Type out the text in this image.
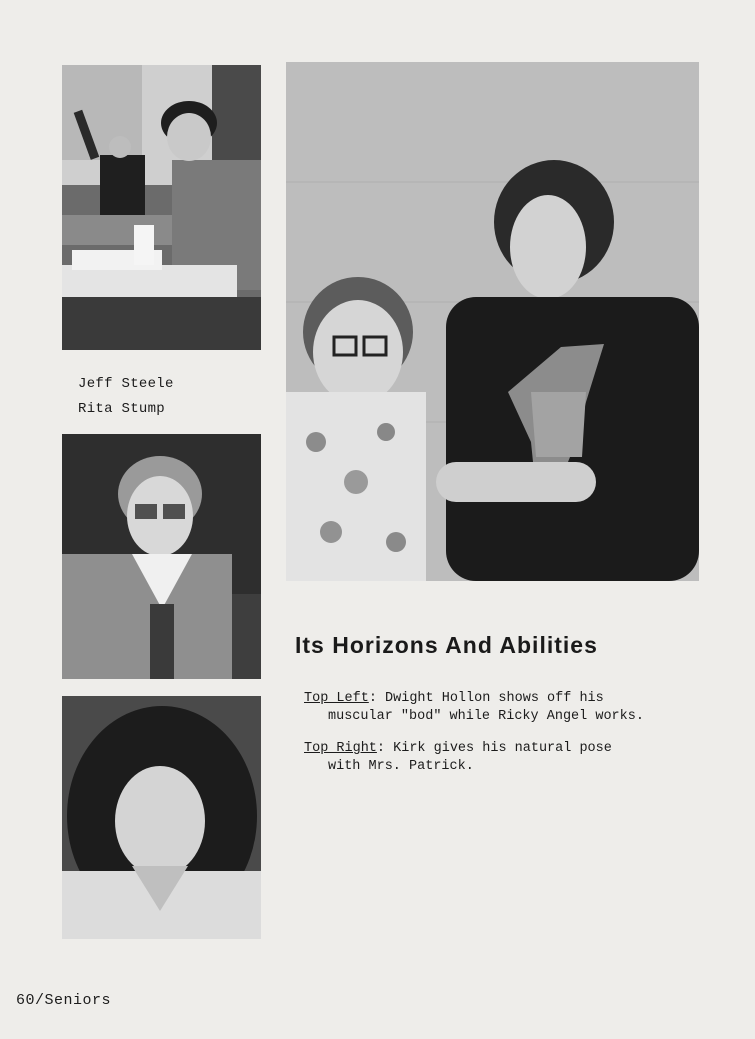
Jeff Steele
Rita Stump
Its Horizons And Abilities
Top Left: Dwight Hollon shows off his
muscular "bod" while Ricky Angel works.
Top Right: Kirk gives his natural pose
with Mrs. Patrick.
60/Seniors
